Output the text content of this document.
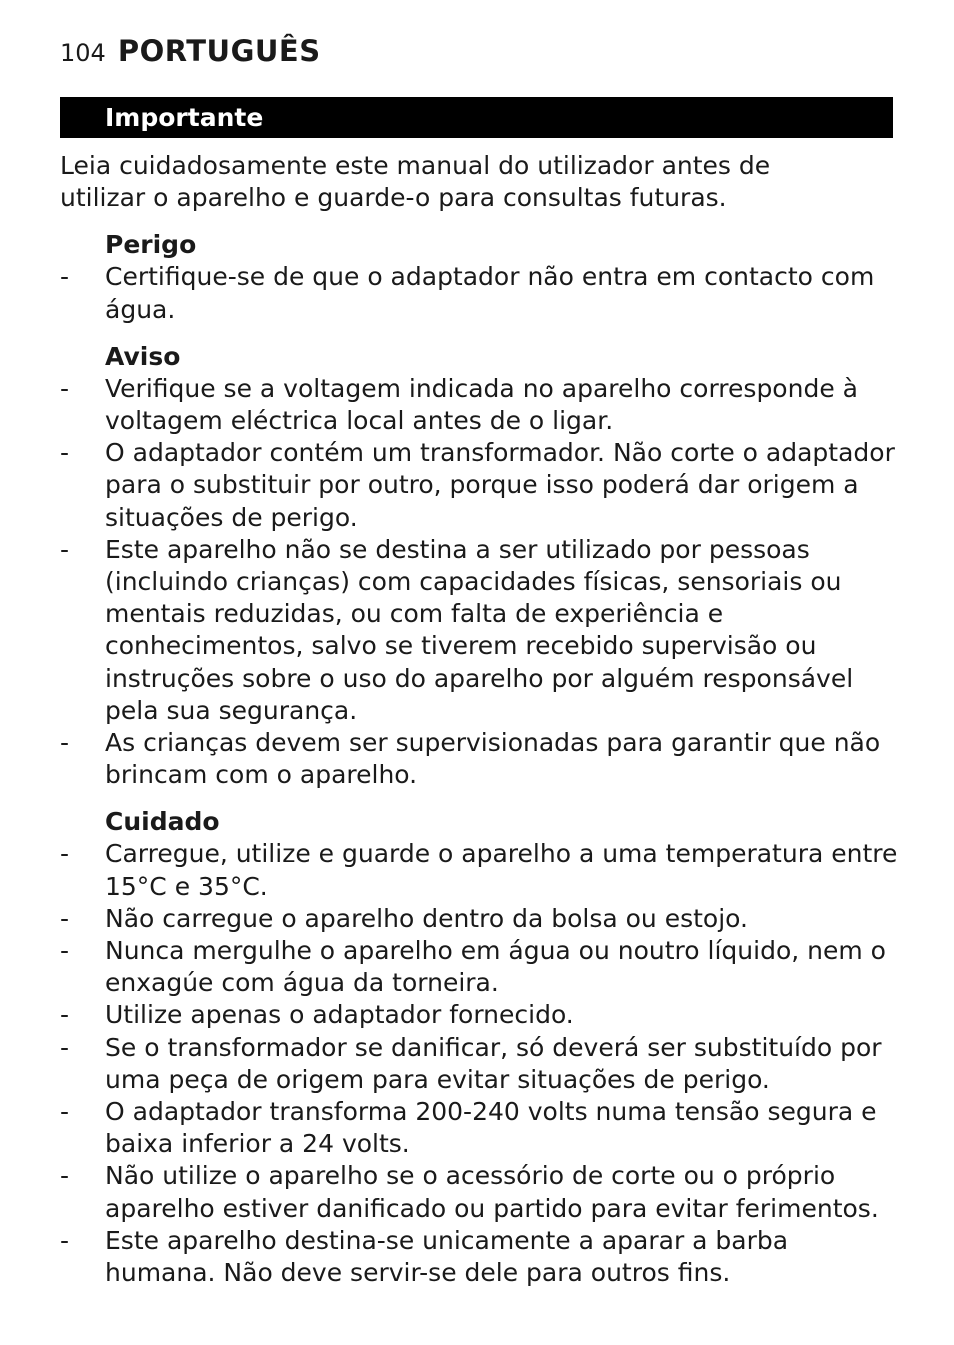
104 PORTUGUÊS
Importante

Leia cuidadosamente este manual do utilizador antes de utilizar o aparelho e guarde-o para consultas futuras.

Perigo
- Certifique-se de que o adaptador não entra em contacto com água.
Aviso
- Verifique se a voltagem indicada no aparelho corresponde à voltagem eléctrica local antes de o ligar.
- O adaptador contém um transformador. Não corte o adaptador para o substituir por outro, porque isso poderá dar origem a situações de perigo.
- Este aparelho não se destina a ser utilizado por pessoas (incluindo crianças) com capacidades físicas, sensoriais ou mentais reduzidas, ou com falta de experiência e conhecimentos, salvo se tiverem recebido supervisão ou instruções sobre o uso do aparelho por alguém responsável pela sua segurança.
- As crianças devem ser supervisionadas para garantir que não brincam com o aparelho.
Cuidado
- Carregue, utilize e guarde o aparelho a uma temperatura entre 15°C e 35°C.
- Não carregue o aparelho dentro da bolsa ou estojo.
- Nunca mergulhe o aparelho em água ou noutro líquido, nem o enxagúe com água da torneira.
- Utilize apenas o adaptador fornecido.
- Se o transformador se danificar, só deverá ser substituído por uma peça de origem para evitar situações de perigo.
- O adaptador transforma 200-240 volts numa tensão segura e baixa inferior a 24 volts.
- Não utilize o aparelho se o acessório de corte ou o próprio aparelho estiver danificado ou partido para evitar ferimentos.
- Este aparelho destina-se unicamente a aparar a barba humana. Não deve servir-se dele para outros fins.
